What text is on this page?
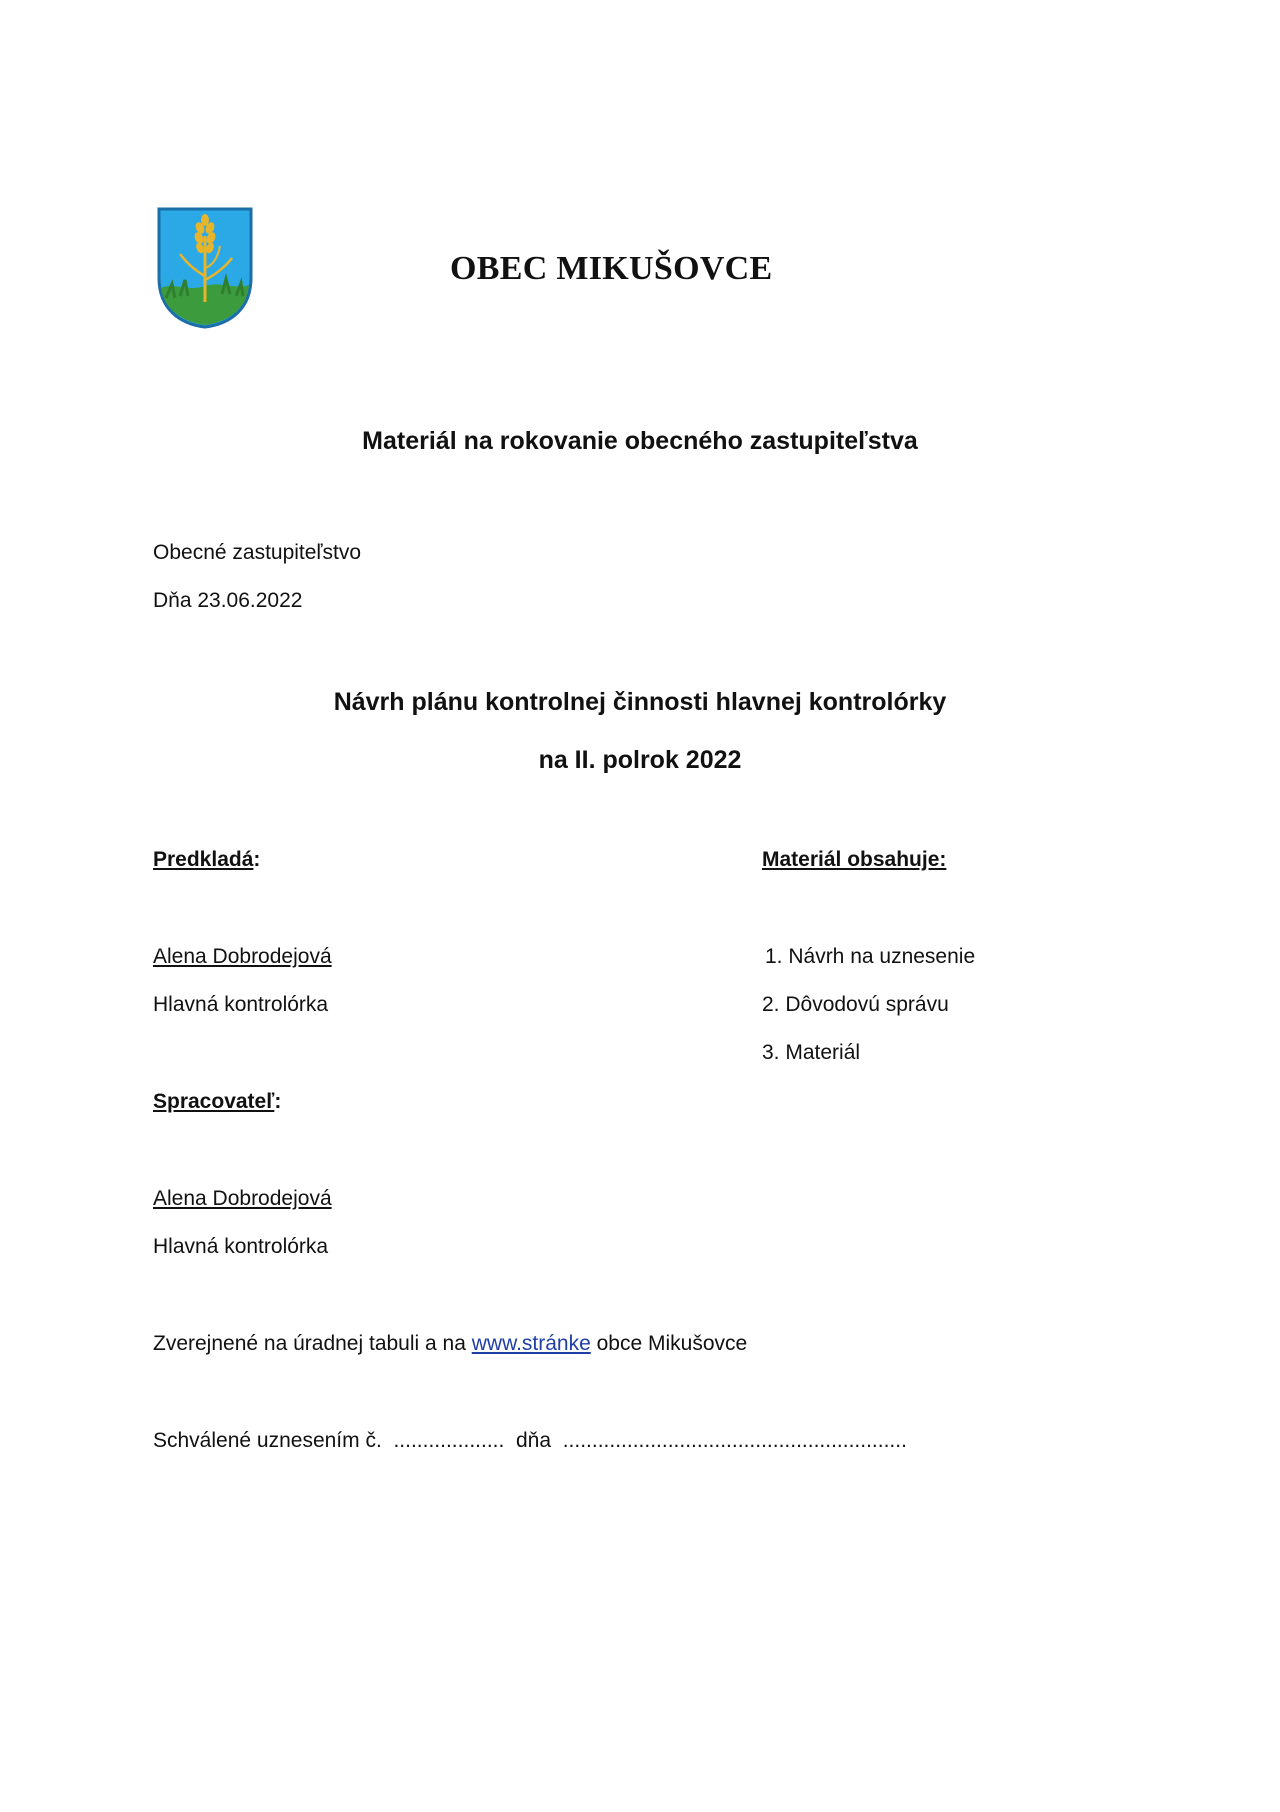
OBEC MIKUŠOVCE
Materiál na rokovanie obecného zastupiteľstva
Obecné zastupiteľstvo
Dňa 23.06.2022
Návrh plánu kontrolnej činnosti hlavnej kontrolórky
na II. polrok 2022
Predkladá:
Alena Dobrodejová
Hlavná kontrolórka
Materiál obsahuje:
1. Návrh na uznesenie
2. Dôvodovú správu
3. Materiál
Spracovateľ:
Alena Dobrodejová
Hlavná kontrolórka
Zverejnené na úradnej tabuli a na www.stránke obce Mikušovce
Schválené uznesením č.  ...................  dňa  ...........................................................
